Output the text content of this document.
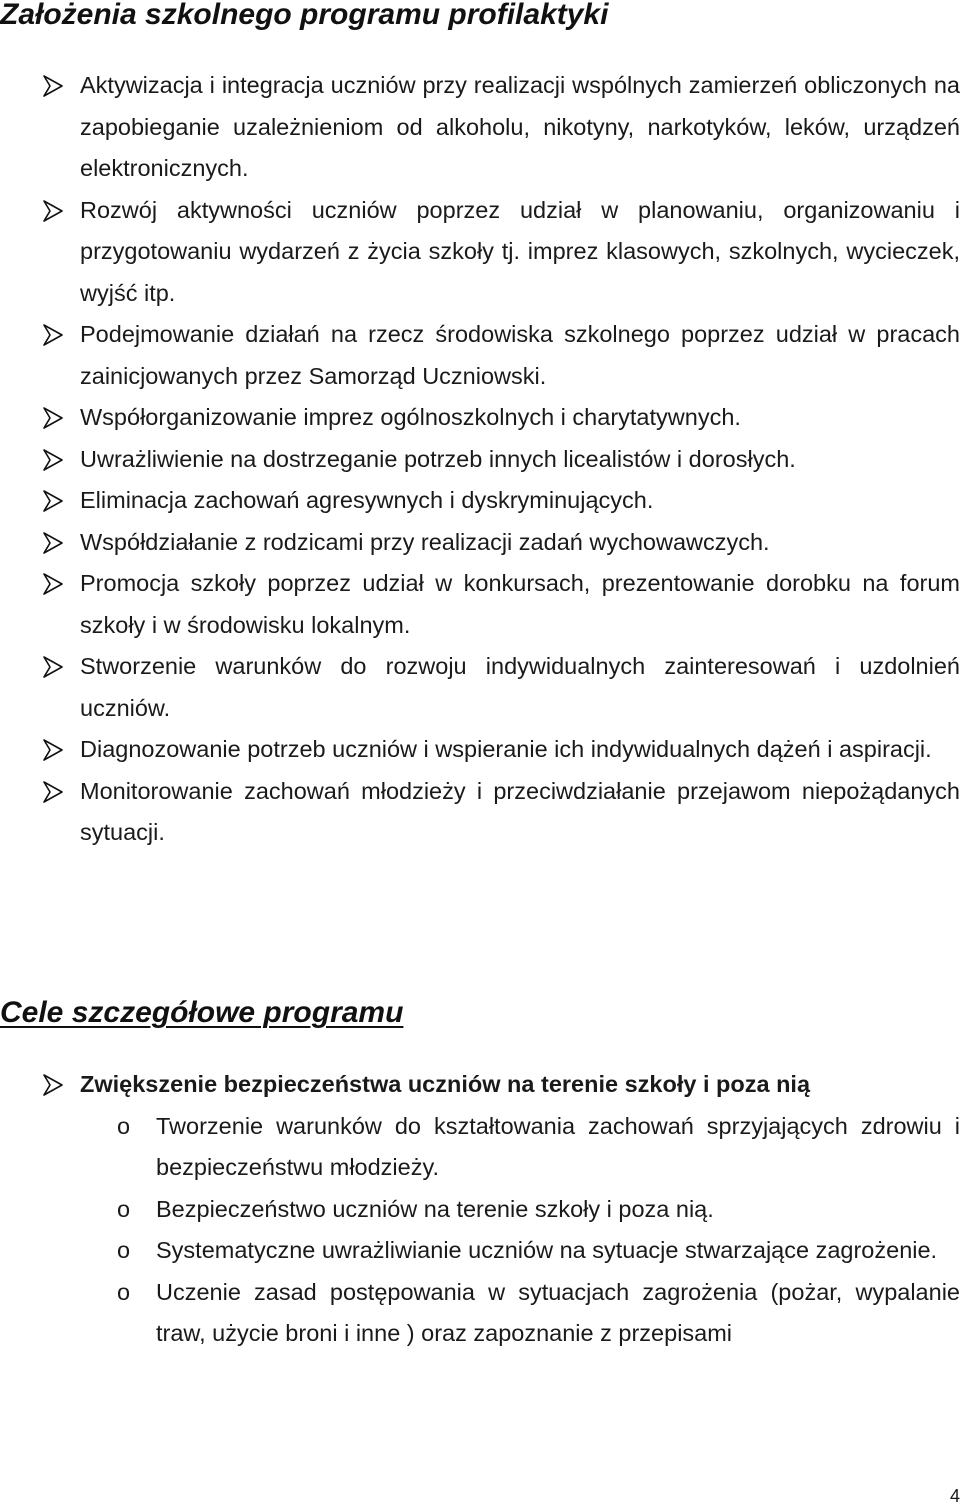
Założenia szkolnego programu profilaktyki
Aktywizacja i integracja uczniów przy realizacji wspólnych zamierzeń obliczonych na zapobieganie uzależnieniom od alkoholu, nikotyny, narkotyków, leków, urządzeń elektronicznych.
Rozwój aktywności uczniów poprzez udział w planowaniu, organizowaniu i przygotowaniu wydarzeń z życia szkoły tj. imprez klasowych, szkolnych, wycieczek, wyjść itp.
Podejmowanie działań na rzecz środowiska szkolnego poprzez udział w pracach zainicjowanych przez Samorząd Uczniowski.
Współorganizowanie imprez ogólnoszkolnych i charytatywnych.
Uwrażliwienie na dostrzeganie potrzeb innych licealistów i dorosłych.
Eliminacja zachowań agresywnych i dyskryminujących.
Współdziałanie z rodzicami przy realizacji zadań wychowawczych.
Promocja szkoły poprzez udział w konkursach, prezentowanie dorobku na forum szkoły i w środowisku lokalnym.
Stworzenie warunków do rozwoju indywidualnych zainteresowań i uzdolnień uczniów.
Diagnozowanie potrzeb uczniów i wspieranie ich indywidualnych dążeń i aspiracji.
Monitorowanie zachowań młodzieży i przeciwdziałanie przejawom niepożądanych sytuacji.
Cele szczegółowe programu
Zwiększenie bezpieczeństwa uczniów na terenie szkoły i poza nią
o Tworzenie warunków do kształtowania zachowań sprzyjających zdrowiu i bezpieczeństwu młodzieży.
o Bezpieczeństwo uczniów na terenie szkoły i poza nią.
o Systematyczne uwrażliwianie uczniów na sytuacje stwarzające zagrożenie.
o Uczenie zasad postępowania w sytuacjach zagrożenia (pożar, wypalanie traw, użycie broni i inne ) oraz zapoznanie z przepisami
4
